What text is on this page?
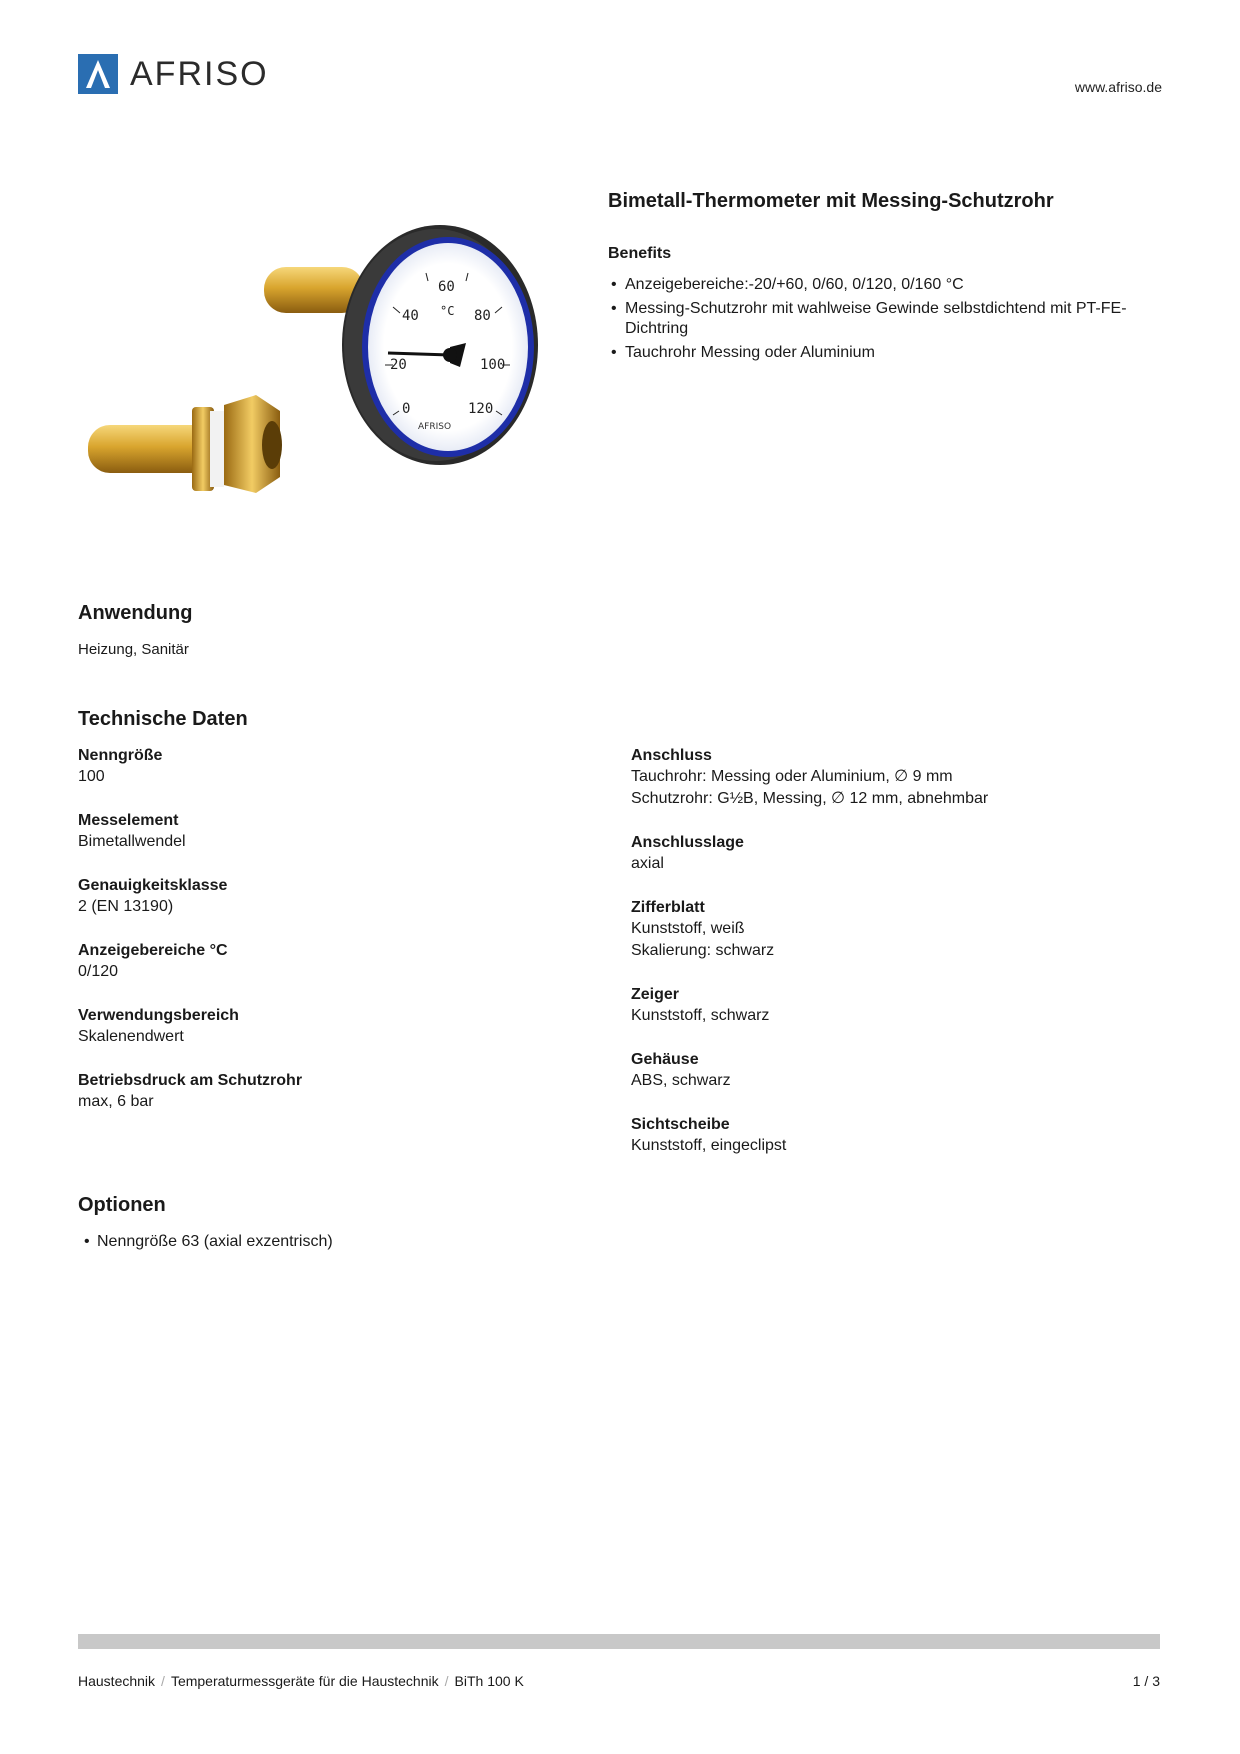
AFRISO	www.afriso.de
0
20
40
60
80
100
120
°C
AFRISO
Bimetall-Thermometer mit Messing-Schutzrohr
Benefits
• Anzeigebereiche:-20/+60, 0/60, 0/120, 0/160 °C
• Messing-Schutzrohr mit wahlweise Gewinde selbstdichtend mit PT-FE-Dichtring
• Tauchrohr Messing oder Aluminium
Anwendung
Heizung, Sanitär
Technische Daten
Nenngröße
100
Messelement
Bimetallwendel
Genauigkeitsklasse
2 (EN 13190)
Anzeigebereiche °C
0/120
Verwendungsbereich
Skalenendwert
Betriebsdruck am Schutzrohr
max, 6 bar
Anschluss
Tauchrohr: Messing oder Aluminium, ∅ 9 mm
Schutzrohr: G½B, Messing, ∅ 12 mm, abnehmbar
Anschlusslage
axial
Zifferblatt
Kunststoff, weiß
Skalierung: schwarz
Zeiger
Kunststoff, schwarz
Gehäuse
ABS, schwarz
Sichtscheibe
Kunststoff, eingeclipst
Optionen
• Nenngröße 63 (axial exzentrisch)
Haustechnik / Temperaturmessgeräte für die Haustechnik / BiTh 100 K	1 / 3
